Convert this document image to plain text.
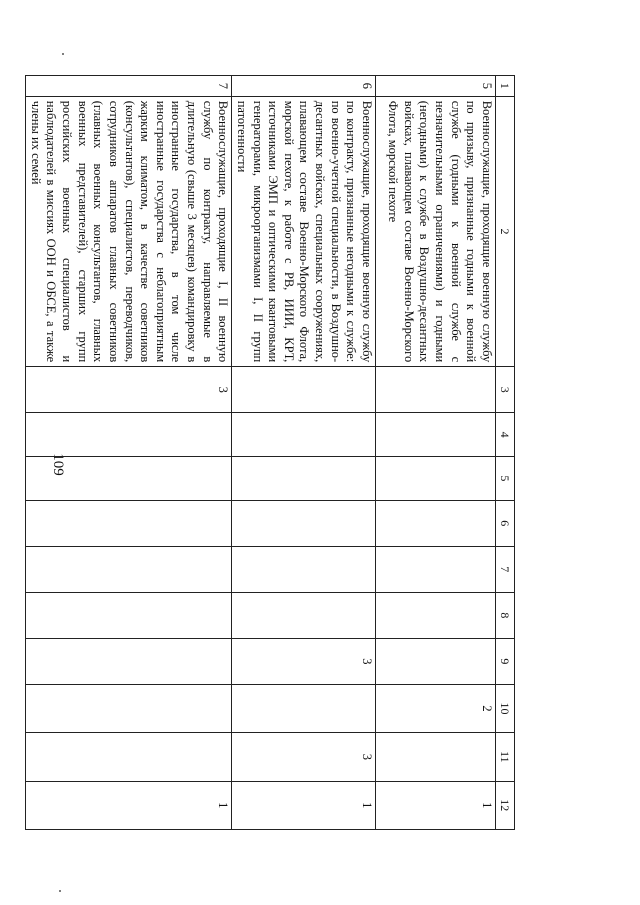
109
1	2	3	4	5	6	7	8	9	10	11	12
5	Военнослужащие, проходящие военную службу по призыву, признанные годными к военной службе (годными к военной службе с незначительными ограничениями) и годными (негодными) к службе в Воздушно-десантных войсках, плавающем составе Военно-Морского Флота, морской пехоте								2		1
6	Военнослужащие, проходящие военную службу по контракту, признанные негодными к службе: по военно-учетной специальности, в Воздушно-десантных войсках, специальных сооружениях, плавающем составе Военно-Морского Флота, морской пехоте, к работе с РВ, ИИИ, КРТ, источниками ЭМП и оптическими квантовыми генераторами, микроорганизмами I, II групп патогенности							3		3	1
7	Военнослужащие, проходящие I, II военную службу по контракту, направляемые в длительную (свыше 3 месяцев) командировку в иностранные государства, в том числе иностранные государства с неблагоприятным жарким климатом, в качестве советников (консультантов), специалистов, переводчиков, сотрудников аппаратов главных советников (главных военных консультантов, главных военных представителей), старших групп российских военных специалистов и наблюдателей в миссиях ООН и ОБСЕ, а также члены их семей	3									1
